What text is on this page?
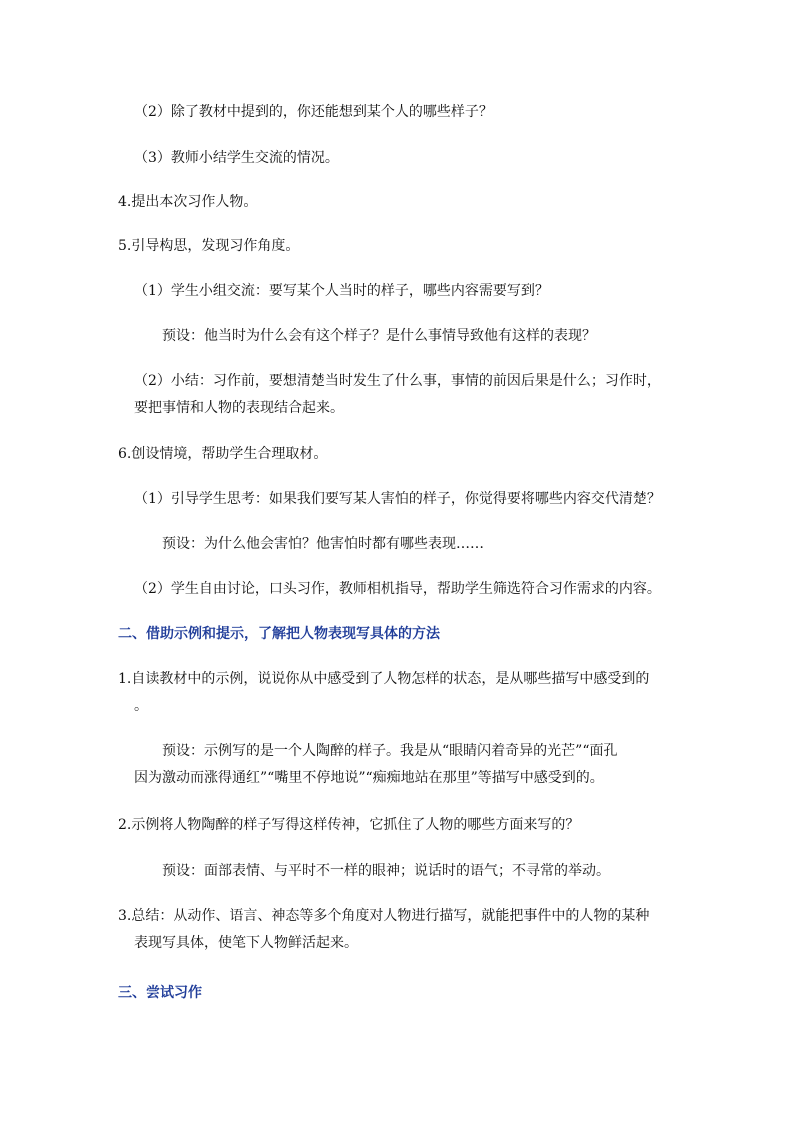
（2）除了教材中提到的，你还能想到某个人的哪些样子？
（3）教师小结学生交流的情况。
4.提出本次习作人物。
5.引导构思，发现习作角度。
（1）学生小组交流：要写某个人当时的样子，哪些内容需要写到？
预设：他当时为什么会有这个样子？是什么事情导致他有这样的表现？
（2）小结：习作前，要想清楚当时发生了什么事，事情的前因后果是什么；习作时，
要把事情和人物的表现结合起来。
6.创设情境，帮助学生合理取材。
（1）引导学生思考：如果我们要写某人害怕的样子，你觉得要将哪些内容交代清楚？
预设：为什么他会害怕？他害怕时都有哪些表现……
（2）学生自由讨论，口头习作，教师相机指导，帮助学生筛选符合习作需求的内容。
二、借助示例和提示，了解把人物表现写具体的方法
1.自读教材中的示例，说说你从中感受到了人物怎样的状态，是从哪些描写中感受到的
。
预设：示例写的是一个人陶醉的样子。我是从“眼睛闪着奇异的光芒”“面孔
因为激动而涨得通红”“嘴里不停地说”“痴痴地站在那里”等描写中感受到的。
2.示例将人物陶醉的样子写得这样传神，它抓住了人物的哪些方面来写的？
预设：面部表情、与平时不一样的眼神；说话时的语气；不寻常的举动。
3.总结：从动作、语言、神态等多个角度对人物进行描写，就能把事件中的人物的某种
表现写具体，使笔下人物鲜活起来。
三、尝试习作
